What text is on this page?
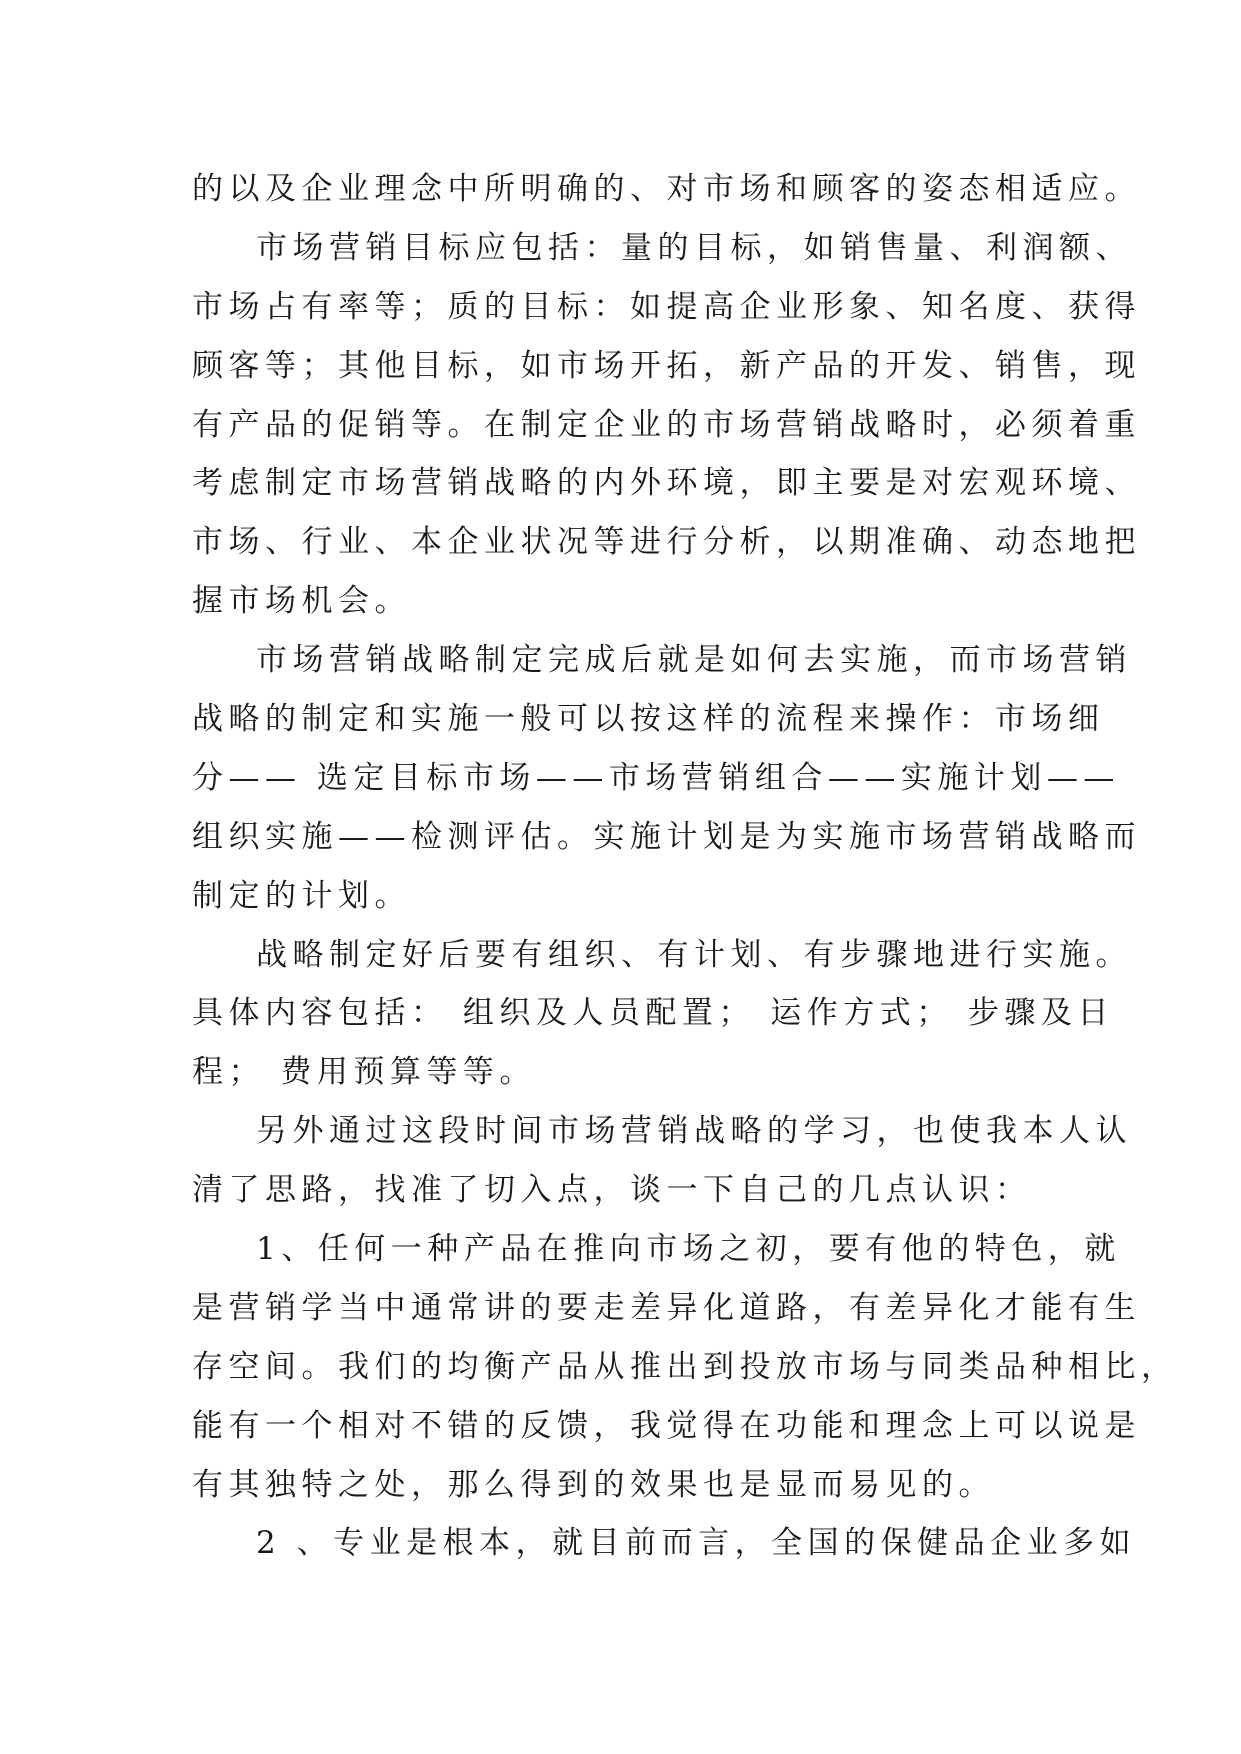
的以及企业理念中所明确的、对市场和顾客的姿态相适应。
市场营销目标应包括：量的目标，如销售量、利润额、
市场占有率等；质的目标：如提高企业形象、知名度、获得
顾客等；其他目标，如市场开拓，新产品的开发、销售，现
有产品的促销等。在制定企业的市场营销战略时，必须着重
考虑制定市场营销战略的内外环境，即主要是对宏观环境、
市场、行业、本企业状况等进行分析，以期准确、动态地把
握市场机会。
市场营销战略制定完成后就是如何去实施，而市场营销
战略的制定和实施一般可以按这样的流程来操作：市场细
分—— 选定目标市场——市场营销组合——实施计划——
组织实施——检测评估。实施计划是为实施市场营销战略而
制定的计划。
战略制定好后要有组织、有计划、有步骤地进行实施。
具体内容包括： 组织及人员配置； 运作方式； 步骤及日
程； 费用预算等等。
另外通过这段时间市场营销战略的学习，也使我本人认
清了思路，找准了切入点，谈一下自己的几点认识：
1、任何一种产品在推向市场之初，要有他的特色，就
是营销学当中通常讲的要走差异化道路，有差异化才能有生
存空间。我们的均衡产品从推出到投放市场与同类品种相比，
能有一个相对不错的反馈，我觉得在功能和理念上可以说是
有其独特之处，那么得到的效果也是显而易见的。
2 、专业是根本，就目前而言，全国的保健品企业多如
